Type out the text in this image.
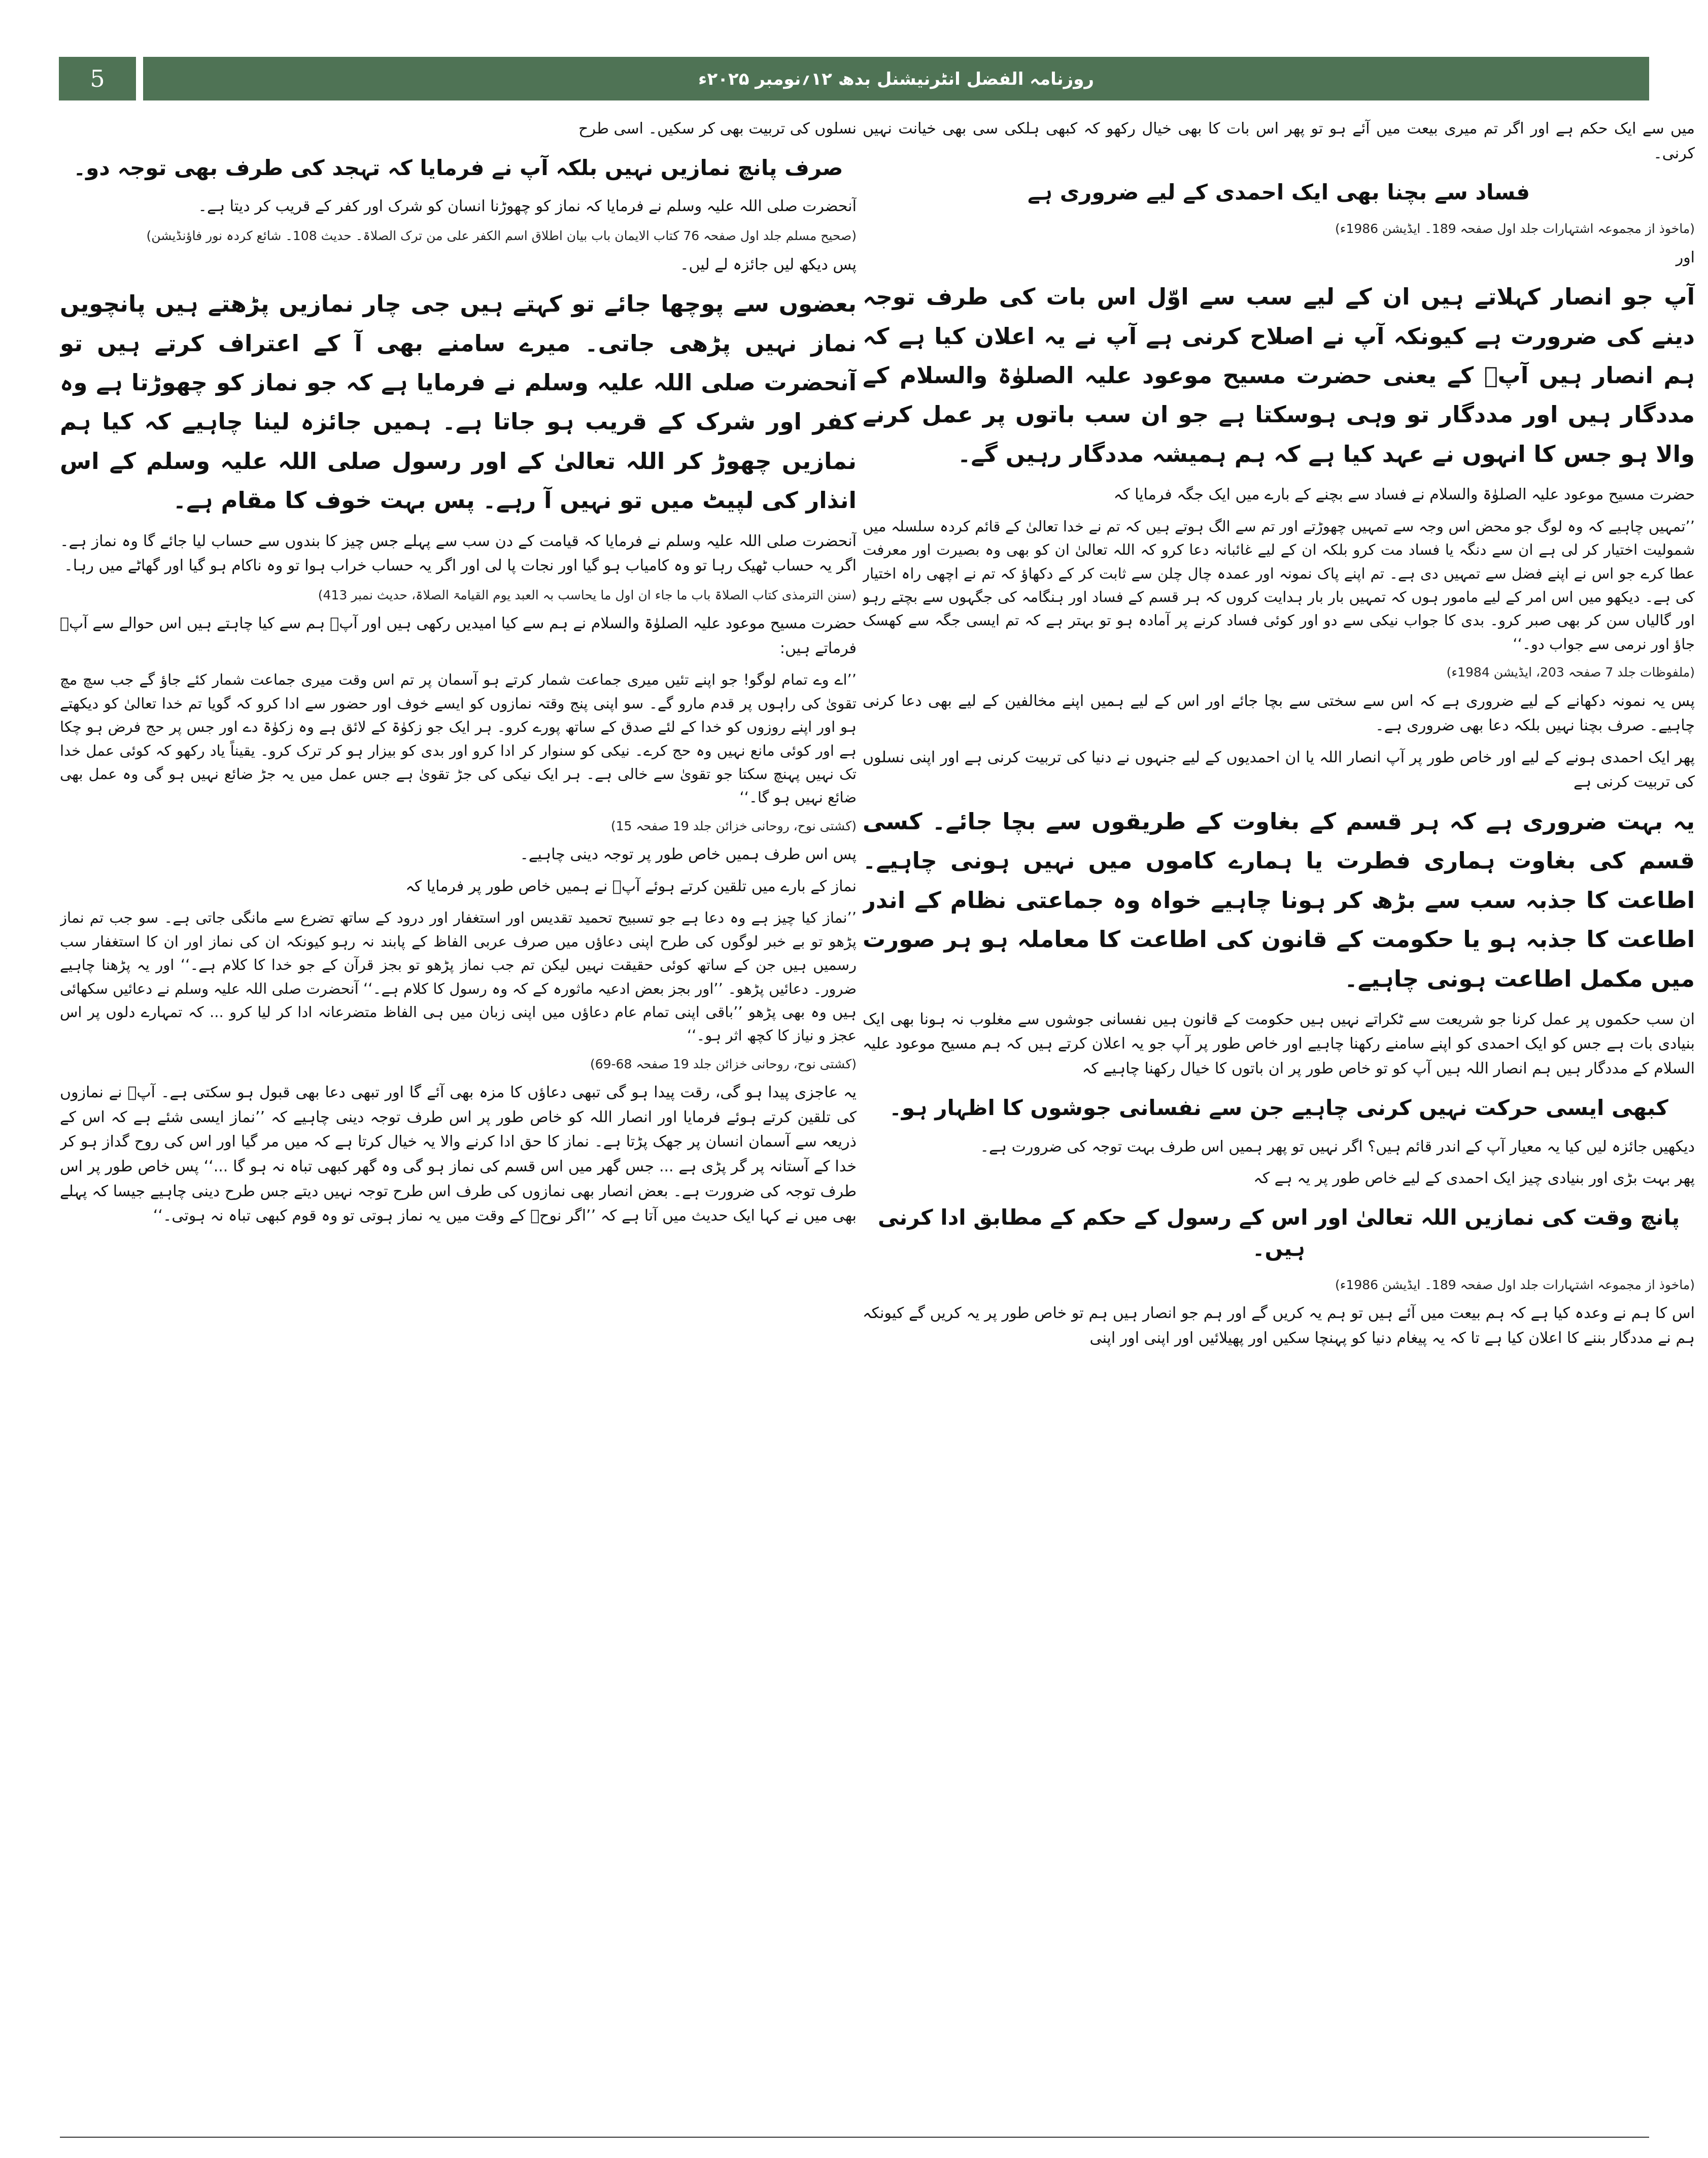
5	روزنامہ الفضل انٹرنیشنل بدھ ۱۲؍نومبر ۲۰۲۵ء

میں سے ایک حکم ہے اور اگر تم میری بیعت میں آئے ہو تو پھر اس بات کا بھی خیال رکھو کہ کبھی ہلکی سی بھی خیانت نہیں کرنی۔

فساد سے بچنا بھی ایک احمدی کے لیے ضروری ہے

(ماخوذ از مجموعہ اشتہارات جلد اول صفحہ 189۔ ایڈیشن 1986ء)

اور

آپ جو انصار کہلاتے ہیں ان کے لیے سب سے اوّل اس بات کی طرف توجہ دینے کی ضرورت ہے کیونکہ آپ نے اصلاح کرنی ہے آپ نے یہ اعلان کیا ہے کہ ہم انصار ہیں آپؑ کے یعنی حضرت مسیح موعود علیہ الصلوٰۃ والسلام کے مددگار ہیں اور مددگار تو وہی ہوسکتا ہے جو ان سب باتوں پر عمل کرنے والا ہو جس کا انہوں نے عہد کیا ہے کہ ہم ہمیشہ مددگار رہیں گے۔

حضرت مسیح موعود علیہ الصلوٰۃ والسلام نے فساد سے بچنے کے بارے میں ایک جگہ فرمایا کہ

’’تمہیں چاہیے کہ وہ لوگ جو محض اس وجہ سے تمہیں چھوڑتے اور تم سے الگ ہوتے ہیں کہ تم نے خدا تعالیٰ کے قائم کردہ سلسلہ میں شمولیت اختیار کر لی ہے ان سے دنگہ یا فساد مت کرو بلکہ ان کے لیے غائبانہ دعا کرو کہ اللہ تعالیٰ ان کو بھی وہ بصیرت اور معرفت عطا کرے جو اس نے اپنے فضل سے تمہیں دی ہے۔ تم اپنے پاک نمونہ اور عمدہ چال چلن سے ثابت کر کے دکھاؤ کہ تم نے اچھی راہ اختیار کی ہے۔ دیکھو میں اس امر کے لیے مامور ہوں کہ تمہیں بار بار ہدایت کروں کہ ہر قسم کے فساد اور ہنگامہ کی جگہوں سے بچتے رہو اور گالیاں سن کر بھی صبر کرو۔ بدی کا جواب نیکی سے دو اور کوئی فساد کرنے پر آمادہ ہو تو بہتر ہے کہ تم ایسی جگہ سے کھسک جاؤ اور نرمی سے جواب دو۔‘‘

(ملفوظات جلد 7 صفحہ 203، ایڈیشن 1984ء)

پس یہ نمونہ دکھانے کے لیے ضروری ہے کہ اس سے سختی سے بچا جائے اور اس کے لیے ہمیں اپنے مخالفین کے لیے بھی دعا کرنی چاہیے۔ صرف بچنا نہیں بلکہ دعا بھی ضروری ہے۔

پھر ایک احمدی ہونے کے لیے اور خاص طور پر آپ انصار اللہ یا ان احمدیوں کے لیے جنہوں نے دنیا کی تربیت کرنی ہے اور اپنی نسلوں کی تربیت کرنی ہے

یہ بہت ضروری ہے کہ ہر قسم کے بغاوت کے طریقوں سے بچا جائے۔ کسی قسم کی بغاوت ہماری فطرت یا ہمارے کاموں میں نہیں ہونی چاہیے۔ اطاعت کا جذبہ سب سے بڑھ کر ہونا چاہیے خواہ وہ جماعتی نظام کے اندر اطاعت کا جذبہ ہو یا حکومت کے قانون کی اطاعت کا معاملہ ہو ہر صورت میں مکمل اطاعت ہونی چاہیے۔

ان سب حکموں پر عمل کرنا جو شریعت سے ٹکراتے نہیں ہیں حکومت کے قانون ہیں نفسانی جوشوں سے مغلوب نہ ہونا بھی ایک بنیادی بات ہے جس کو ایک احمدی کو اپنے سامنے رکھنا چاہیے اور خاص طور پر آپ جو یہ اعلان کرتے ہیں کہ ہم مسیح موعود علیہ السلام کے مددگار ہیں ہم انصار اللہ ہیں آپ کو تو خاص طور پر ان باتوں کا خیال رکھنا چاہیے کہ

کبھی ایسی حرکت نہیں کرنی چاہیے جن سے نفسانی جوشوں کا اظہار ہو۔

دیکھیں جائزہ لیں کیا یہ معیار آپ کے اندر قائم ہیں؟ اگر نہیں تو پھر ہمیں اس طرف بہت توجہ کی ضرورت ہے۔

پھر بہت بڑی اور بنیادی چیز ایک احمدی کے لیے خاص طور پر یہ ہے کہ

پانچ وقت کی نمازیں اللہ تعالیٰ اور اس کے رسول کے حکم کے مطابق ادا کرنی ہیں۔

(ماخوذ از مجموعہ اشتہارات جلد اول صفحہ 189۔ ایڈیشن 1986ء)

اس کا ہم نے وعدہ کیا ہے کہ ہم بیعت میں آئے ہیں تو ہم یہ کریں گے اور ہم جو انصار ہیں ہم تو خاص طور پر یہ کریں گے کیونکہ ہم نے مددگار بننے کا اعلان کیا ہے تا کہ یہ پیغام دنیا کو پہنچا سکیں اور پھیلائیں اور اپنی اور اپنی

نسلوں کی تربیت بھی کر سکیں۔ اسی طرح

صرف پانچ نمازیں نہیں بلکہ آپ نے فرمایا کہ تہجد کی طرف بھی توجہ دو۔

آنحضرت صلی اللہ علیہ وسلم نے فرمایا کہ نماز کو چھوڑنا انسان کو شرک اور کفر کے قریب کر دیتا ہے۔

(صحیح مسلم جلد اول صفحہ 76 کتاب الایمان باب بیان اطلاق اسم الکفر علی من ترک الصلاۃ۔ حدیث 108۔ شائع کردہ نور فاؤنڈیشن)

پس دیکھ لیں جائزہ لے لیں۔

بعضوں سے پوچھا جائے تو کہتے ہیں جی چار نمازیں پڑھتے ہیں پانچویں نماز نہیں پڑھی جاتی۔ میرے سامنے بھی آ کے اعتراف کرتے ہیں تو آنحضرت صلی اللہ علیہ وسلم نے فرمایا ہے کہ جو نماز کو چھوڑتا ہے وہ کفر اور شرک کے قریب ہو جاتا ہے۔ ہمیں جائزہ لینا چاہیے کہ کیا ہم نمازیں چھوڑ کر اللہ تعالیٰ کے اور رسول صلی اللہ علیہ وسلم کے اس انذار کی لپیٹ میں تو نہیں آ رہے۔ پس بہت خوف کا مقام ہے۔

آنحضرت صلی اللہ علیہ وسلم نے فرمایا کہ قیامت کے دن سب سے پہلے جس چیز کا بندوں سے حساب لیا جائے گا وہ نماز ہے۔ اگر یہ حساب ٹھیک رہا تو وہ کامیاب ہو گیا اور نجات پا لی اور اگر یہ حساب خراب ہوا تو وہ ناکام ہو گیا اور گھاٹے میں رہا۔

(سنن الترمذی کتاب الصلاۃ باب ما جاء ان اول ما یحاسب بہ العبد یوم القیامۃ الصلاۃ، حدیث نمبر 413)

حضرت مسیح موعود علیہ الصلوٰۃ والسلام نے ہم سے کیا امیدیں رکھی ہیں اور آپؑ ہم سے کیا چاہتے ہیں اس حوالے سے آپؑ فرماتے ہیں:

’’اے وے تمام لوگو! جو اپنے تئیں میری جماعت شمار کرتے ہو آسمان پر تم اس وقت میری جماعت شمار کئے جاؤ گے جب سچ مچ تقویٰ کی راہوں پر قدم مارو گے۔ سو اپنی پنج وقتہ نمازوں کو ایسے خوف اور حضور سے ادا کرو کہ گویا تم خدا تعالیٰ کو دیکھتے ہو اور اپنے روزوں کو خدا کے لئے صدق کے ساتھ پورے کرو۔ ہر ایک جو زکوٰۃ کے لائق ہے وہ زکوٰۃ دے اور جس پر حج فرض ہو چکا ہے اور کوئی مانع نہیں وہ حج کرے۔ نیکی کو سنوار کر ادا کرو اور بدی کو بیزار ہو کر ترک کرو۔ یقیناً یاد رکھو کہ کوئی عمل خدا تک نہیں پہنچ سکتا جو تقویٰ سے خالی ہے۔ ہر ایک نیکی کی جڑ تقویٰ ہے جس عمل میں یہ جڑ ضائع نہیں ہو گی وہ عمل بھی ضائع نہیں ہو گا۔‘‘

(کشتی نوح، روحانی خزائن جلد 19 صفحہ 15)

پس اس طرف ہمیں خاص طور پر توجہ دینی چاہیے۔

نماز کے بارے میں تلقین کرتے ہوئے آپؑ نے ہمیں خاص طور پر فرمایا کہ

’’نماز کیا چیز ہے وہ دعا ہے جو تسبیح تحمید تقدیس اور استغفار اور درود کے ساتھ تضرع سے مانگی جاتی ہے۔ سو جب تم نماز پڑھو تو بے خبر لوگوں کی طرح اپنی دعاؤں میں صرف عربی الفاظ کے پابند نہ رہو کیونکہ ان کی نماز اور ان کا استغفار سب رسمیں ہیں جن کے ساتھ کوئی حقیقت نہیں لیکن تم جب نماز پڑھو تو بجز قرآن کے جو خدا کا کلام ہے۔‘‘ اور یہ پڑھنا چاہیے ضرور۔ دعائیں پڑھو۔ ’’اور بجز بعض ادعیہ ماثورہ کے کہ وہ رسول کا کلام ہے۔‘‘ آنحضرت صلی اللہ علیہ وسلم نے دعائیں سکھائی ہیں وہ بھی پڑھو ’’باقی اپنی تمام عام دعاؤں میں اپنی زبان میں ہی الفاظ متضرعانہ ادا کر لیا کرو ... کہ تمہارے دلوں پر اس عجز و نیاز کا کچھ اثر ہو۔‘‘

(کشتی نوح، روحانی خزائن جلد 19 صفحہ 68-69)

یہ عاجزی پیدا ہو گی، رقت پیدا ہو گی تبھی دعاؤں کا مزہ بھی آئے گا اور تبھی دعا بھی قبول ہو سکتی ہے۔ آپؑ نے نمازوں کی تلقین کرتے ہوئے فرمایا اور انصار اللہ کو خاص طور پر اس طرف توجہ دینی چاہیے کہ ’’نماز ایسی شئے ہے کہ اس کے ذریعہ سے آسمان انسان پر جھک پڑتا ہے۔ نماز کا حق ادا کرنے والا یہ خیال کرتا ہے کہ میں مر گیا اور اس کی روح گداز ہو کر خدا کے آستانہ پر گر پڑی ہے ... جس گھر میں اس قسم کی نماز ہو گی وہ گھر کبھی تباہ نہ ہو گا ...‘‘ پس خاص طور پر اس طرف توجہ کی ضرورت ہے۔ بعض انصار بھی نمازوں کی طرف اس طرح توجہ نہیں دیتے جس طرح دینی چاہیے جیسا کہ پہلے بھی میں نے کہا ایک حدیث میں آتا ہے کہ ’’اگر نوحؑ کے وقت میں یہ نماز ہوتی تو وہ قوم کبھی تباہ نہ ہوتی۔‘‘
